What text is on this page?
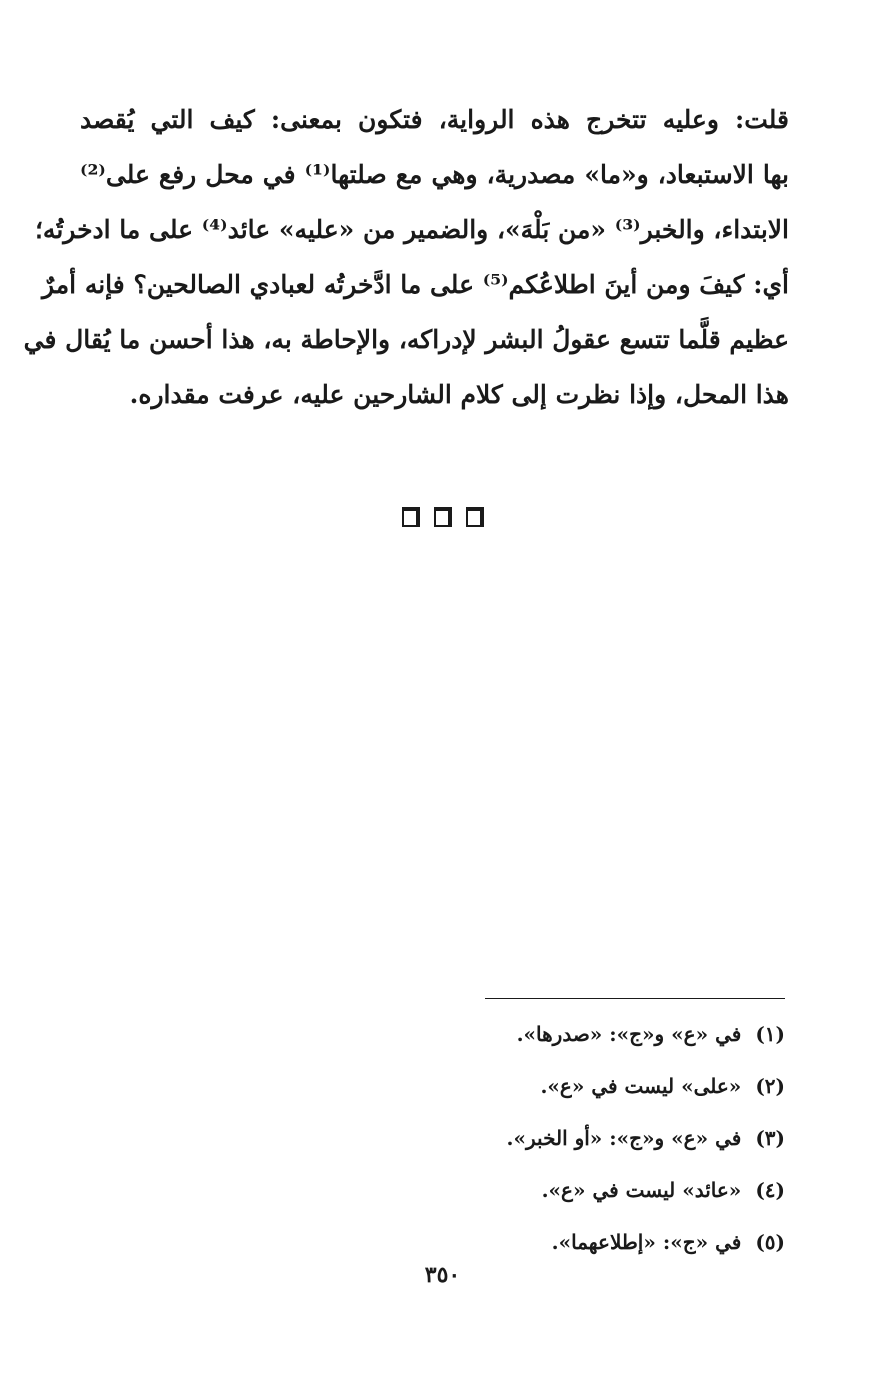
قلت: وعليه تتخرج هذه الرواية، فتكون بمعنى: كيف التي يُقصد
بها الاستبعاد، و«ما» مصدرية، وهي مع صلتها⁽¹⁾ في محل رفع على⁽²⁾
الابتداء، والخبر⁽³⁾ «من بَلْهَ»، والضمير من «عليه» عائد⁽⁴⁾ على ما ادخرتُه؛
أي: كيفَ ومن أينَ اطلاعُكم⁽⁵⁾ على ما ادَّخرتُه لعبادي الصالحين؟ فإنه أمرٌ
عظيم قلَّما تتسع عقولُ البشر لإدراكه، والإحاطة به، هذا أحسن ما يُقال في
هذا المحل، وإذا نظرت إلى كلام الشارحين عليه، عرفت مقداره.
(١)في «ع» و«ج»: «صدرها».
(٢)«على» ليست في «ع».
(٣)في «ع» و«ج»: «أو الخبر».
(٤)«عائد» ليست في «ع».
(٥)في «ج»: «إطلاعهما».
٣٥٠
